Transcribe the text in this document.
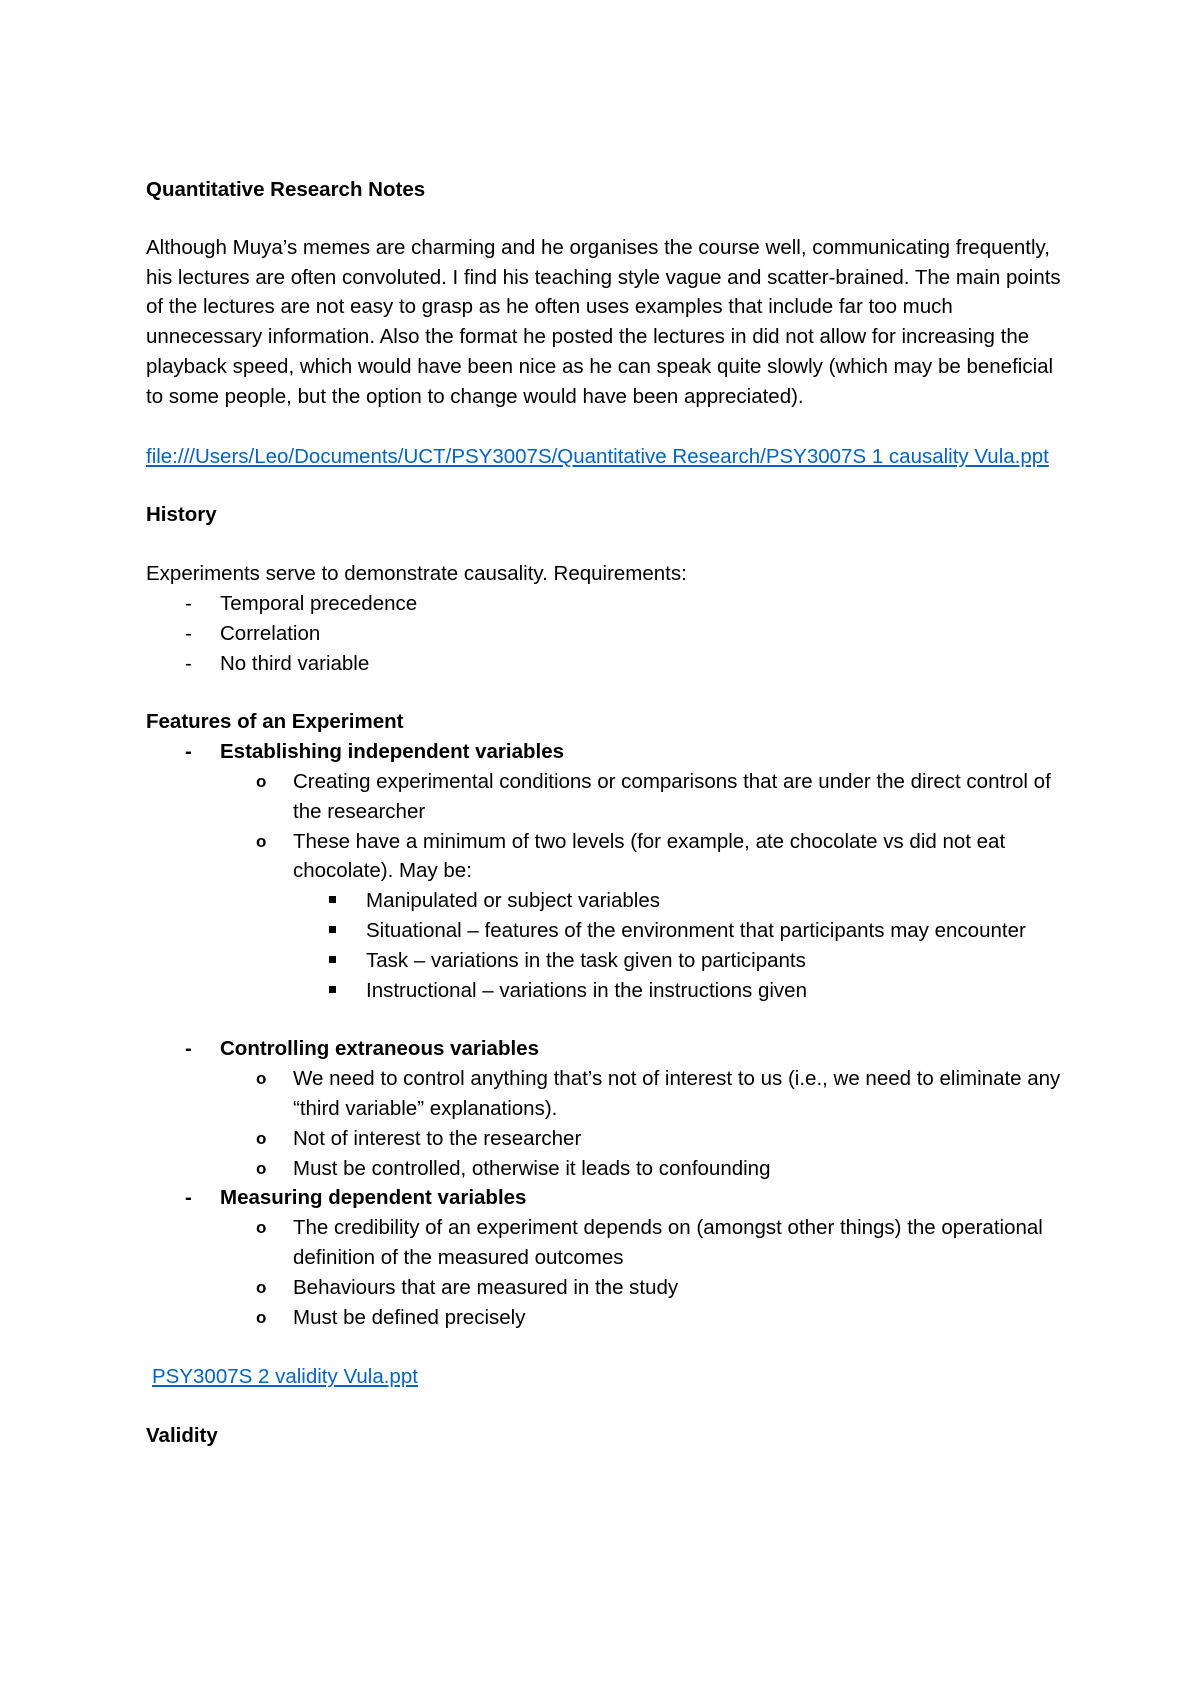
Quantitative Research Notes

Although Muya’s memes are charming and he organises the course well, communicating frequently, his lectures are often convoluted. I find his teaching style vague and scatter-brained. The main points of the lectures are not easy to grasp as he often uses examples that include far too much unnecessary information. Also the format he posted the lectures in did not allow for increasing the playback speed, which would have been nice as he can speak quite slowly (which may be beneficial to some people, but the option to change would have been appreciated).

file:///Users/Leo/Documents/UCT/PSY3007S/Quantitative Research/PSY3007S 1 causality Vula.ppt

History

Experiments serve to demonstrate causality. Requirements:

- Temporal precedence
- Correlation
- No third variable

Features of an Experiment

- Establishing independent variables
o Creating experimental conditions or comparisons that are under the direct control of the researcher
o These have a minimum of two levels (for example, ate chocolate vs did not eat chocolate). May be:
Manipulated or subject variables
Situational – features of the environment that participants may encounter
Task – variations in the task given to participants
Instructional – variations in the instructions given
- Controlling extraneous variables
o We need to control anything that’s not of interest to us (i.e., we need to eliminate any “third variable” explanations).
o Not of interest to the researcher
o Must be controlled, otherwise it leads to confounding
- Measuring dependent variables
o The credibility of an experiment depends on (amongst other things) the operational definition of the measured outcomes
o Behaviours that are measured in the study
o Must be defined precisely

PSY3007S 2 validity Vula.ppt

Validity
